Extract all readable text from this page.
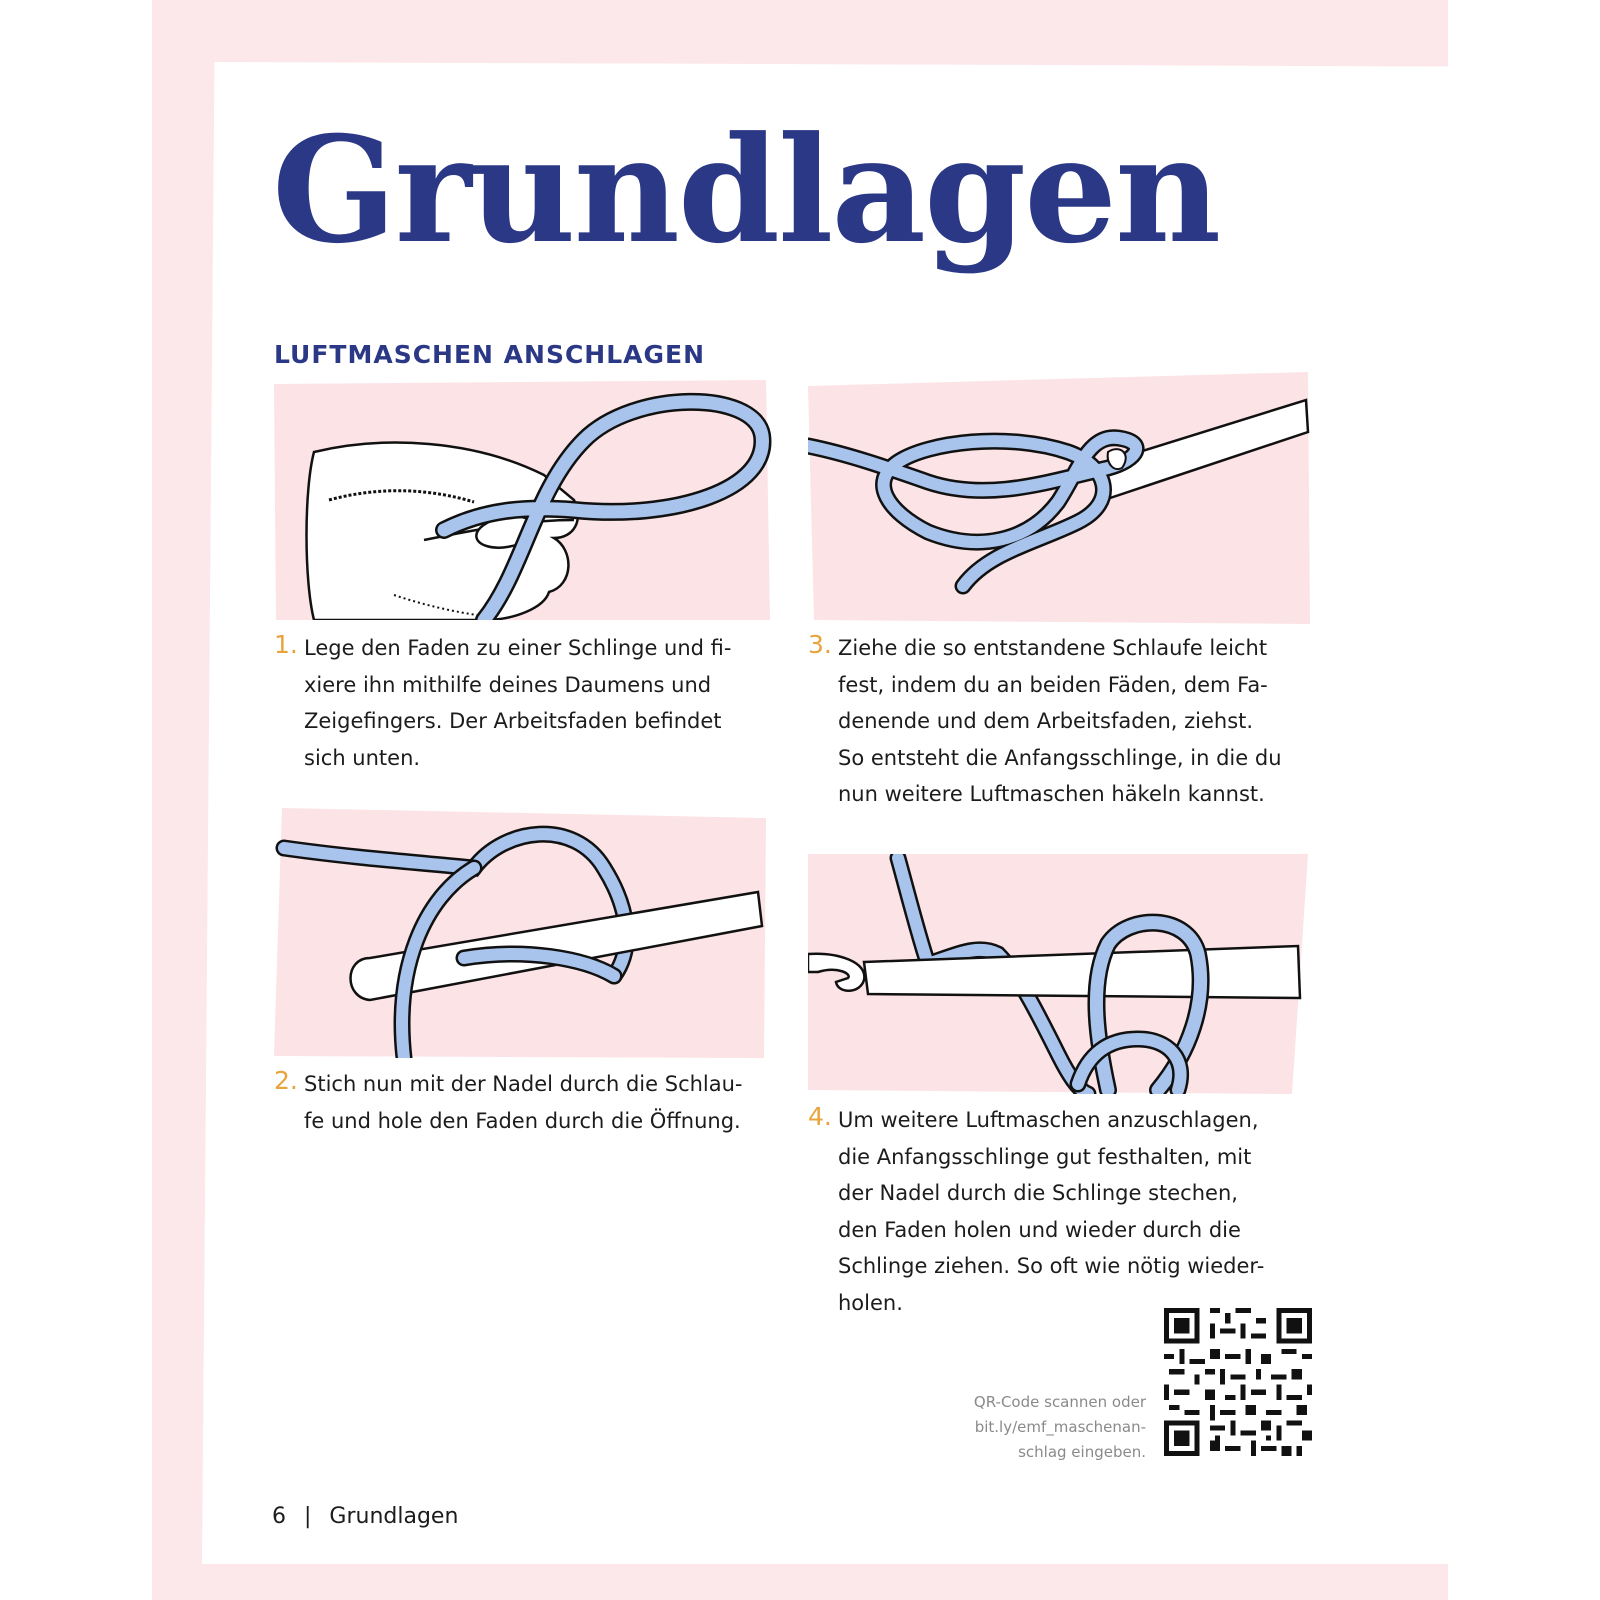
Grundlagen
LUFTMASCHEN ANSCHLAGEN
1. Lege den Faden zu einer Schlinge und fi-
xiere ihn mithilfe deines Daumens und
Zeigefingers. Der Arbeitsfaden befindet
sich unten.
2. Stich nun mit der Nadel durch die Schlau-
fe und hole den Faden durch die Öffnung.
3. Ziehe die so entstandene Schlaufe leicht
fest, indem du an beiden Fäden, dem Fa-
denende und dem Arbeitsfaden, ziehst.
So entsteht die Anfangsschlinge, in die du
nun weitere Luftmaschen häkeln kannst.
4. Um weitere Luftmaschen anzuschlagen,
die Anfangsschlinge gut festhalten, mit
der Nadel durch die Schlinge stechen,
den Faden holen und wieder durch die
Schlinge ziehen. So oft wie nötig wieder-
holen.
QR-Code scannen oder
bit.ly/emf_maschenan-
schlag eingeben.
6 | Grundlagen
